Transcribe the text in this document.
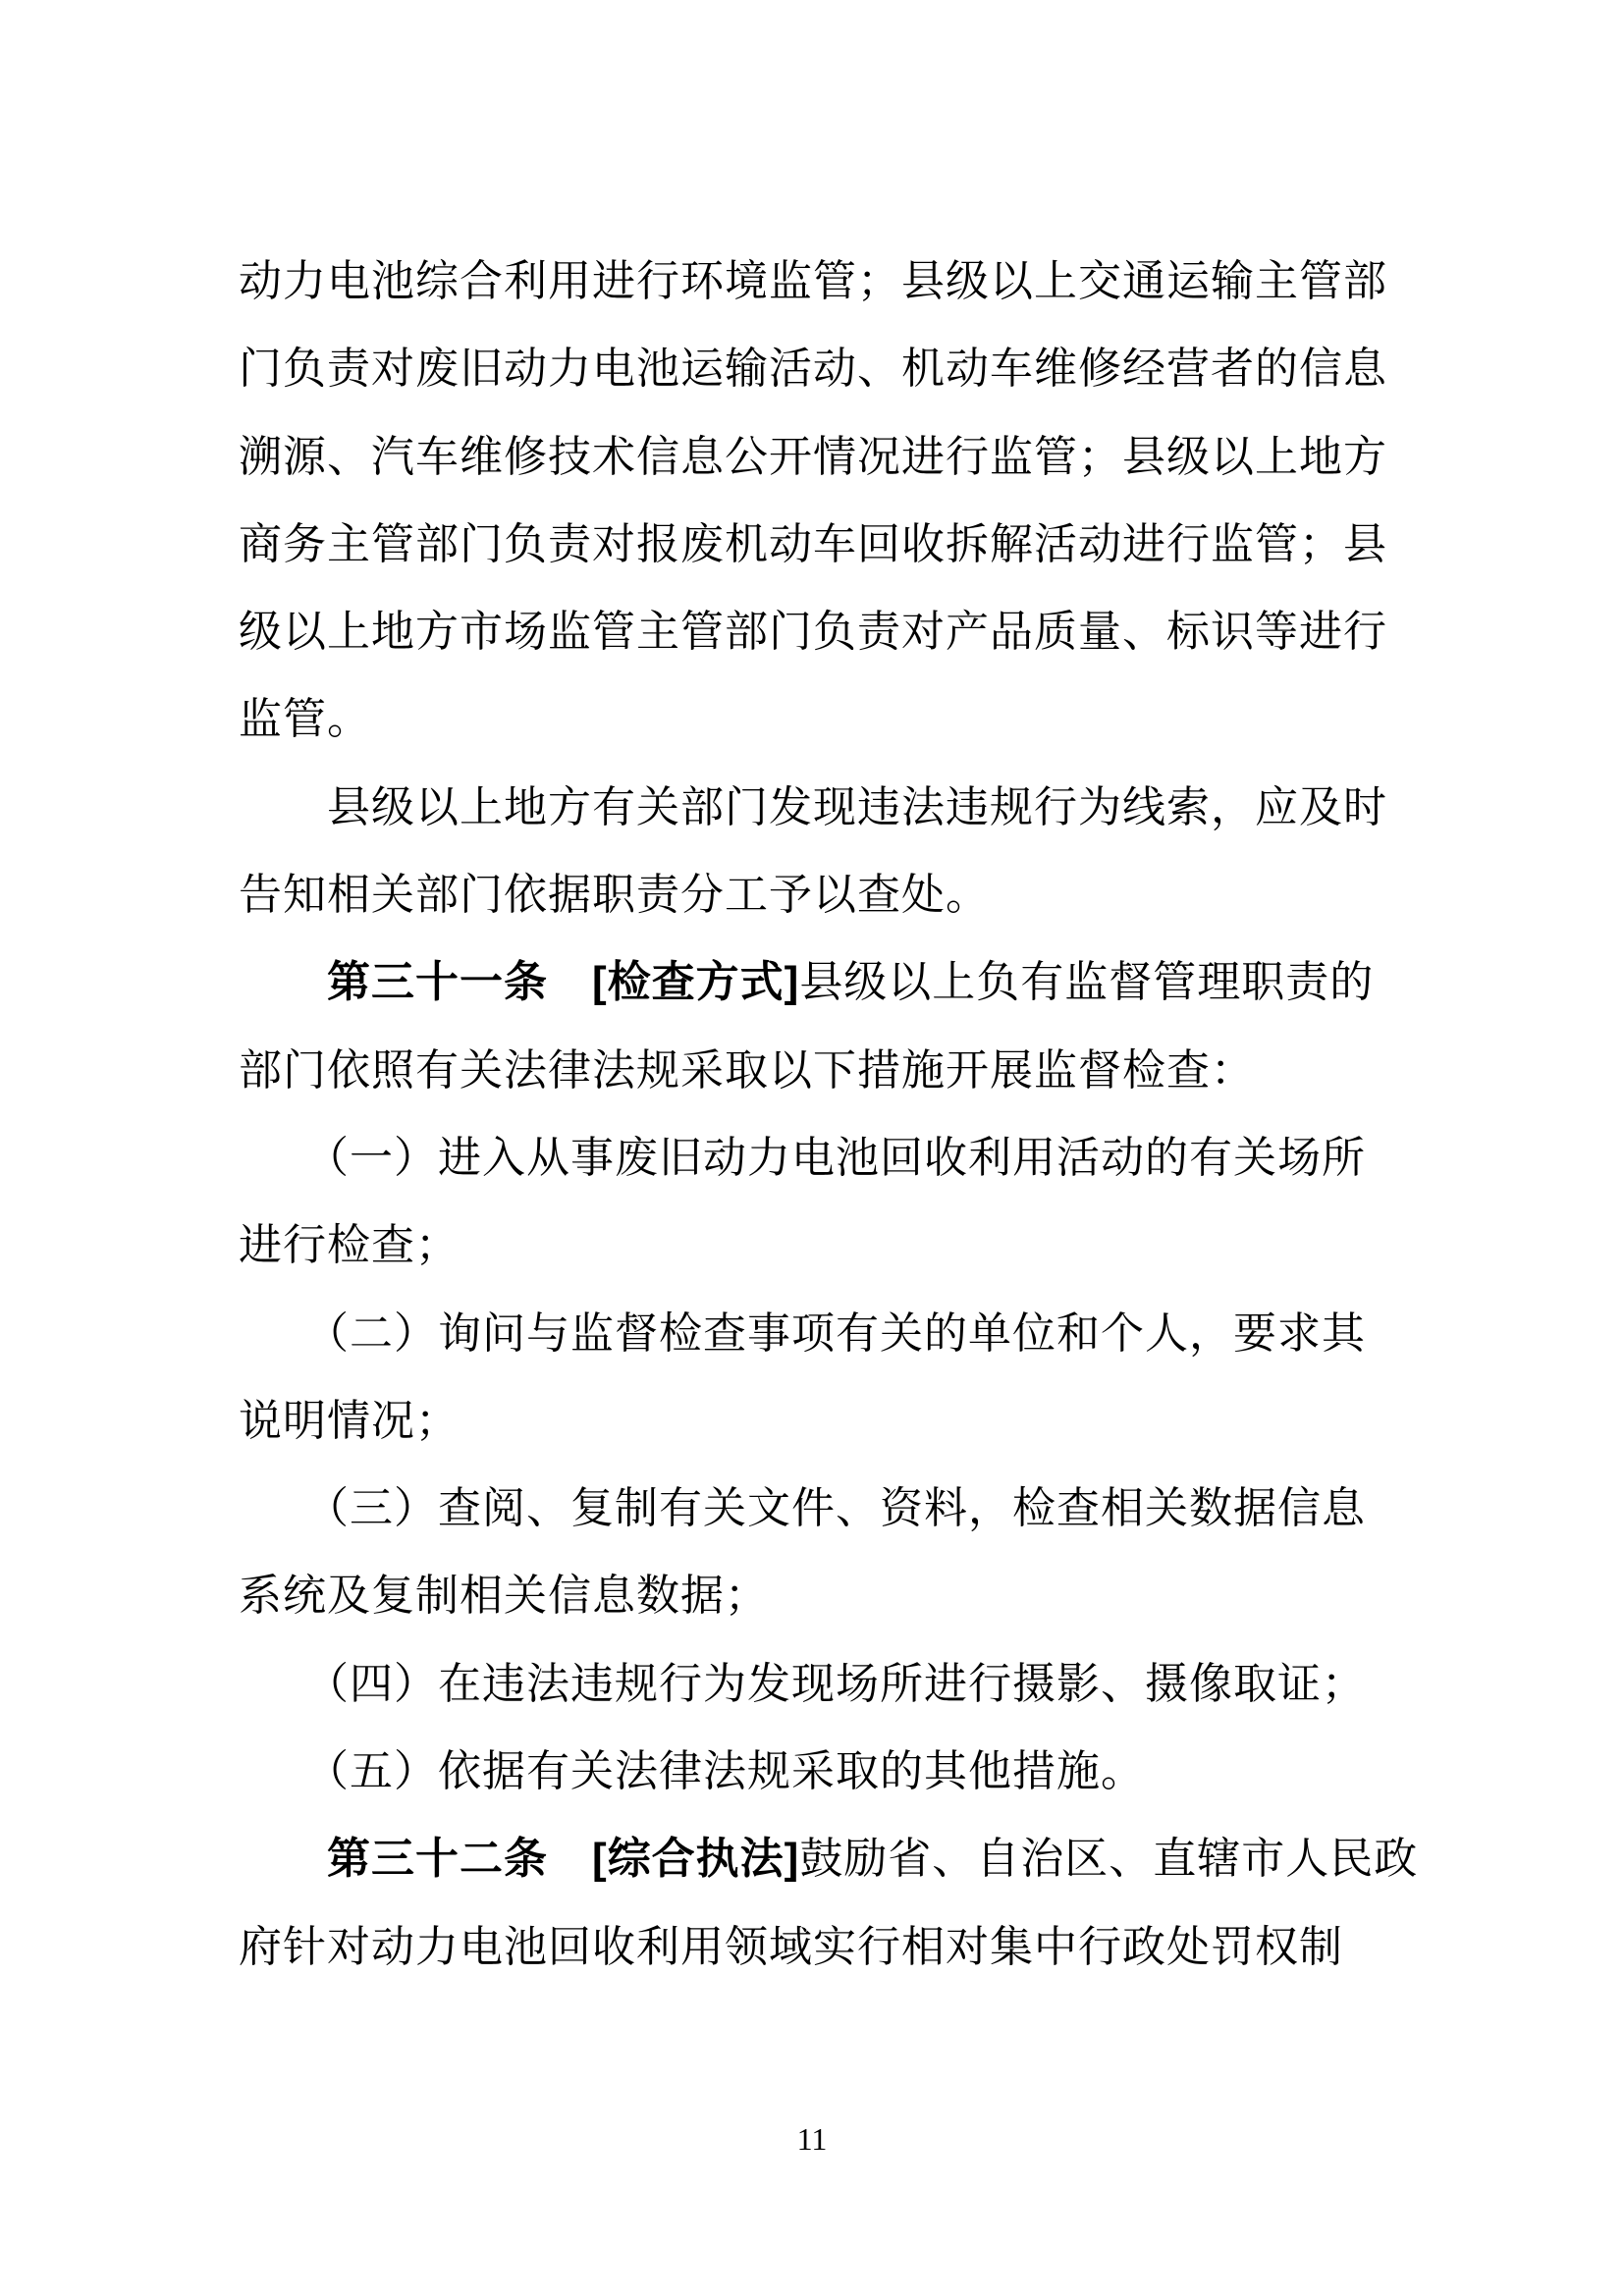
动力电池综合利用进行环境监管；县级以上交通运输主管部
门负责对废旧动力电池运输活动、机动车维修经营者的信息
溯源、汽车维修技术信息公开情况进行监管；县级以上地方
商务主管部门负责对报废机动车回收拆解活动进行监管；县
级以上地方市场监管主管部门负责对产品质量、标识等进行
监管。
　　县级以上地方有关部门发现违法违规行为线索，应及时
告知相关部门依据职责分工予以查处。
　　第三十一条　[检查方式]县级以上负有监督管理职责的
部门依照有关法律法规采取以下措施开展监督检查：
　　（一）进入从事废旧动力电池回收利用活动的有关场所
进行检查；
　　（二）询问与监督检查事项有关的单位和个人，要求其
说明情况；
　　（三）查阅、复制有关文件、资料，检查相关数据信息
系统及复制相关信息数据；
　　（四）在违法违规行为发现场所进行摄影、摄像取证；
　　（五）依据有关法律法规采取的其他措施。
　　第三十二条　[综合执法]鼓励省、自治区、直辖市人民政
府针对动力电池回收利用领域实行相对集中行政处罚权制
11
